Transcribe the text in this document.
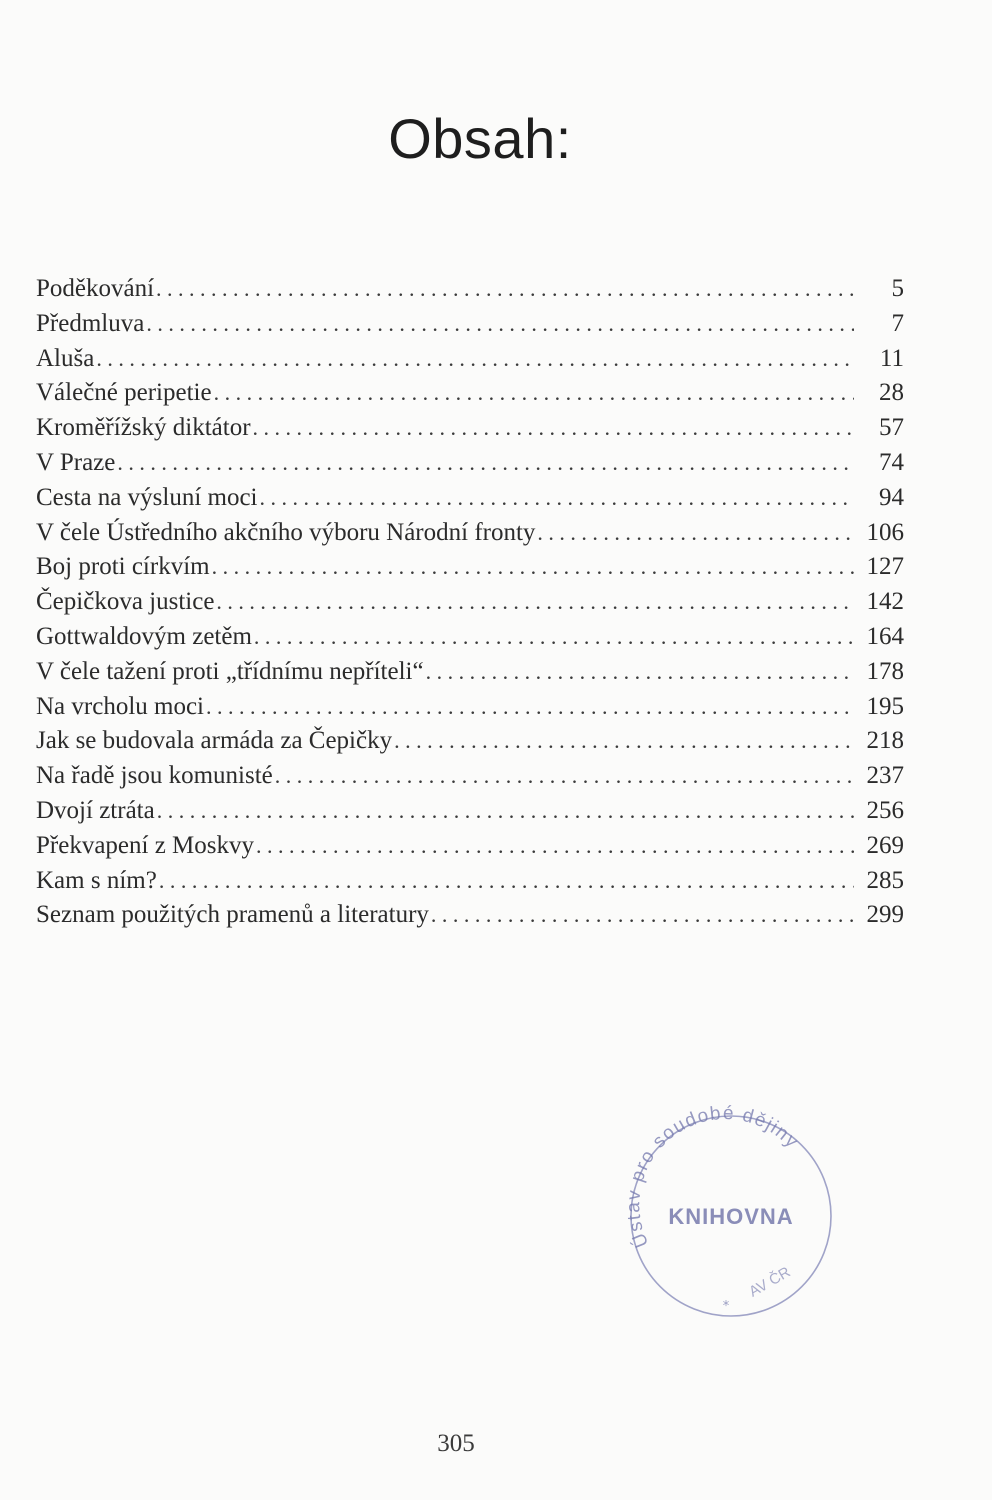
Obsah:
Poděkování . . .	5
Předmluva . . .	7
Aluša . . .	11
Válečné peripetie . . .	28
Kroměřížský diktátor . . .	57
V Praze . . .	74
Cesta na výsluní moci . . .	94
V čele Ústředního akčního výboru Národní fronty . . .	106
Boj proti církvím . . .	127
Čepičkova justice . . .	142
Gottwaldovým zetěm . . .	164
V čele tažení proti „třídnímu nepříteli“ . . .	178
Na vrcholu moci . . .	195
Jak se budovala armáda za Čepičky . . .	218
Na řadě jsou komunisté . . .	237
Dvojí ztráta . . .	256
Překvapení z Moskvy . . .	269
Kam s ním? . . .	285
Seznam použitých pramenů a literatury . . .	299
Ústav pro soudobé dějiny
KNIHOVNA
AV ČR
*
305
